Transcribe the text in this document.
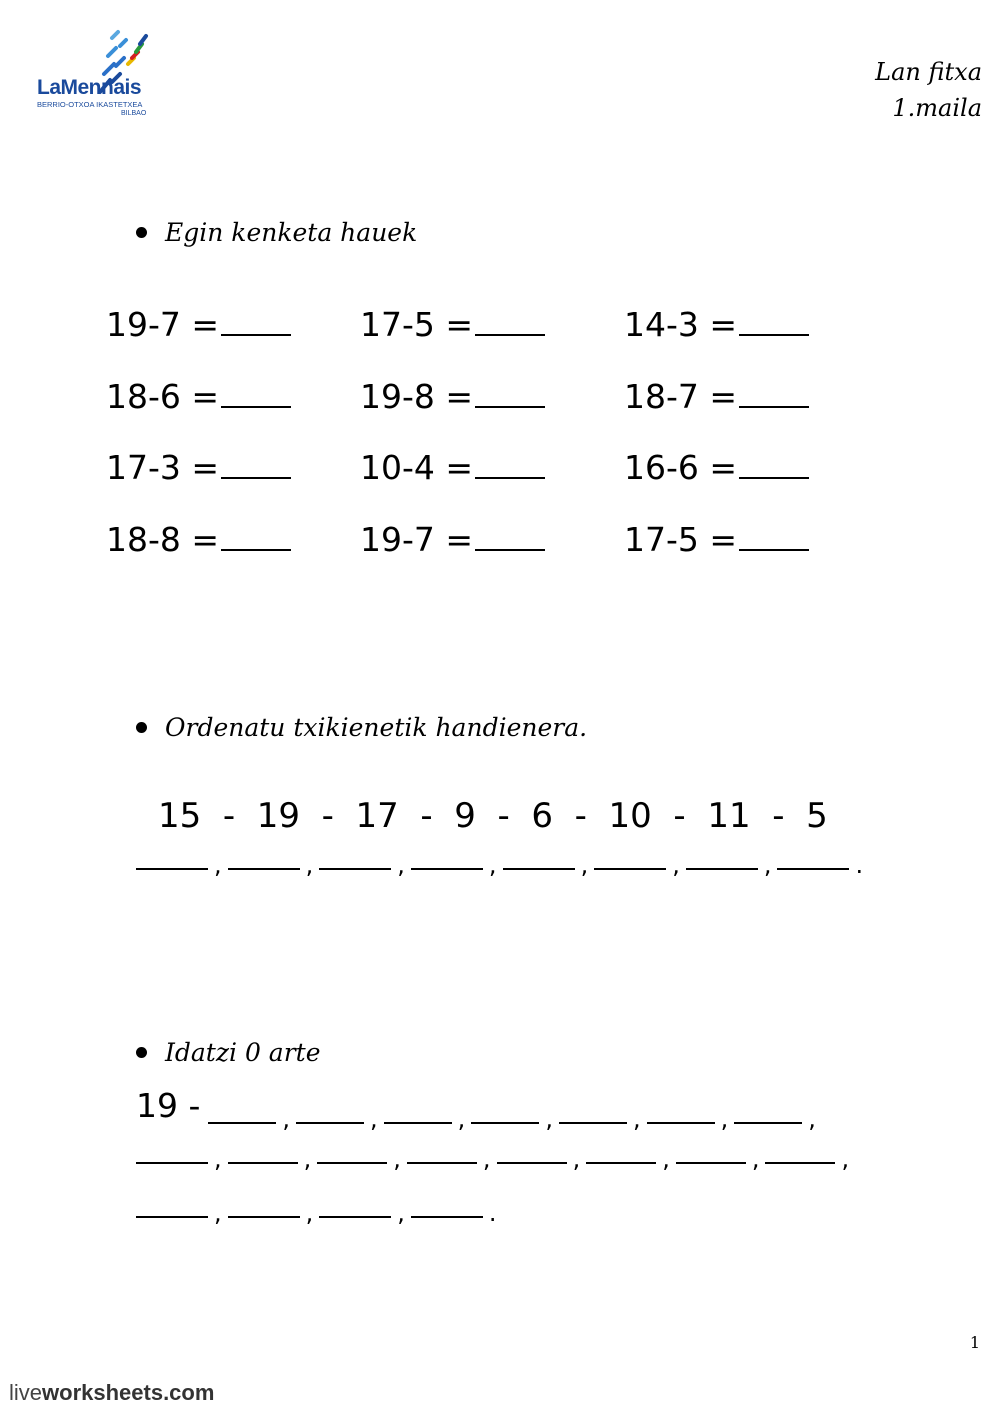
LaMennais
BERRIO-OTXOA IKASTETXEA
BILBAO
Lan fitxa
1.maila
Egin kenketa hauek
19-7 =	17-5 =	14-3 =
18-6 =	19-8 =	18-7 =
17-3 =	10-4 =	16-6 =
18-8 =	19-7 =	17-5 =
Ordenatu txikienetik handienera.
15  -  19  -  17  -  9  -  6  -  10  -  11  -  5
,	,	,	,	,	,	,	.
Idatzi 0 arte
19 -	,	,	,	,	,	,	,
,	,	,	,	,	,	,	,
,	,	,	.
1
liveworksheets.com
